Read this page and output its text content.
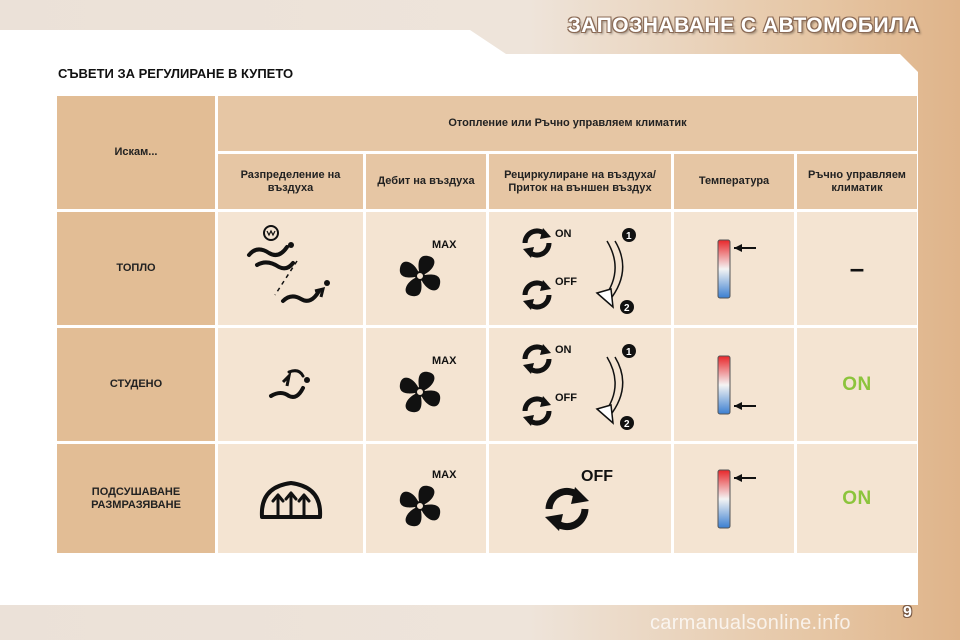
ЗАПОЗНАВАНЕ С АВТОМОБИЛА
СЪВЕТИ ЗА РЕГУЛИРАНЕ В КУПЕТО
Искам...
Отопление или Ръчно управляем климатик
Разпределение на въздуха
Дебит на въздуха
Рециркулиране на въздуха/Приток на външен въздух
Температура
Ръчно управляем климатик
ТОПЛО
MAX
ON
OFF
1
2
–
СТУДЕНО
MAX
ON
OFF
1
2
ON
ПОДСУШАВАНЕ РАЗМРАЗЯВАНЕ
MAX	OFF
ON
carmanualsonline.info	9
